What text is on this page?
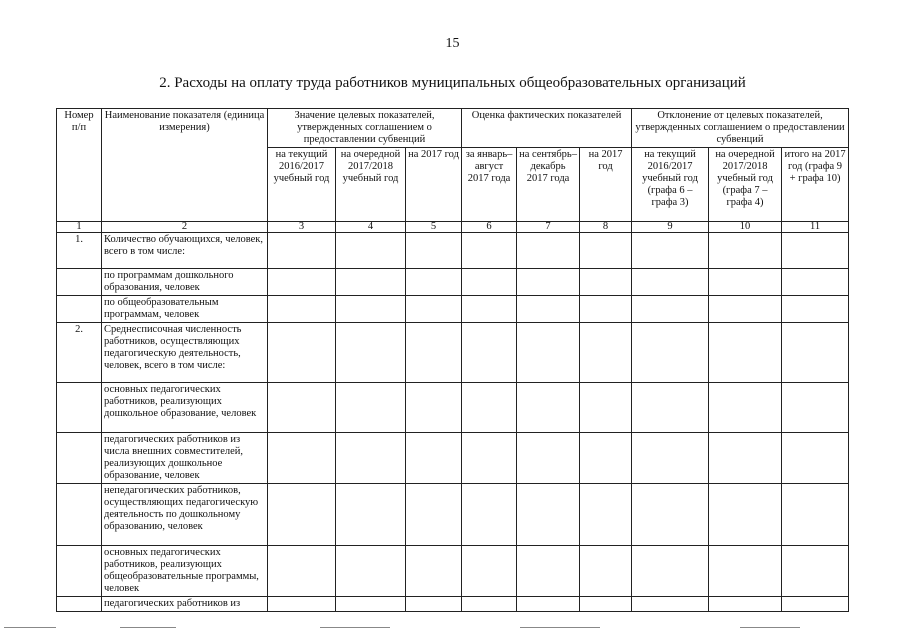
15
2. Расходы на оплату труда работников муниципальных общеобразовательных организаций
Номер п/п	Наименование показателя (единица измерения)	Значение целевых показателей, утвержденных соглашением о предоставлении субвенций			Оценка фактических показателей			Отклонение от целевых показателей, утвержденных соглашением о предоставлении субвенций		
		на текущий 2016/2017 учебный год	на очередной 2017/2018 учебный год	на 2017 год	за январь–август 2017 года	на сентябрь–декабрь 2017 года	на 2017 год	на текущий 2016/2017 учебный год (графа 6 – графа 3)	на очередной 2017/2018 учебный год (графа 7 – графа 4)	итого на 2017 год (графа 9 + графа 10)
1	2	3	4	5	6	7	8	9	10	11
1.	Количество обучающихся, человек, всего в том числе:									
	по программам дошкольного образования, человек									
	по общеобразовательным программам, человек									
2.	Среднесписочная численность работников, осуществляющих педагогическую деятельность, человек, всего в том числе:									
	основных педагогических работников, реализующих дошкольное образование, человек									
	педагогических работников из числа внешних совместителей, реализующих дошкольное образование, человек									
	непедагогических работников, осуществляющих педагогическую деятельность по дошкольному образованию, человек									
	основных педагогических работников, реализующих общеобразовательные программы, человек									
	педагогических работников из									
